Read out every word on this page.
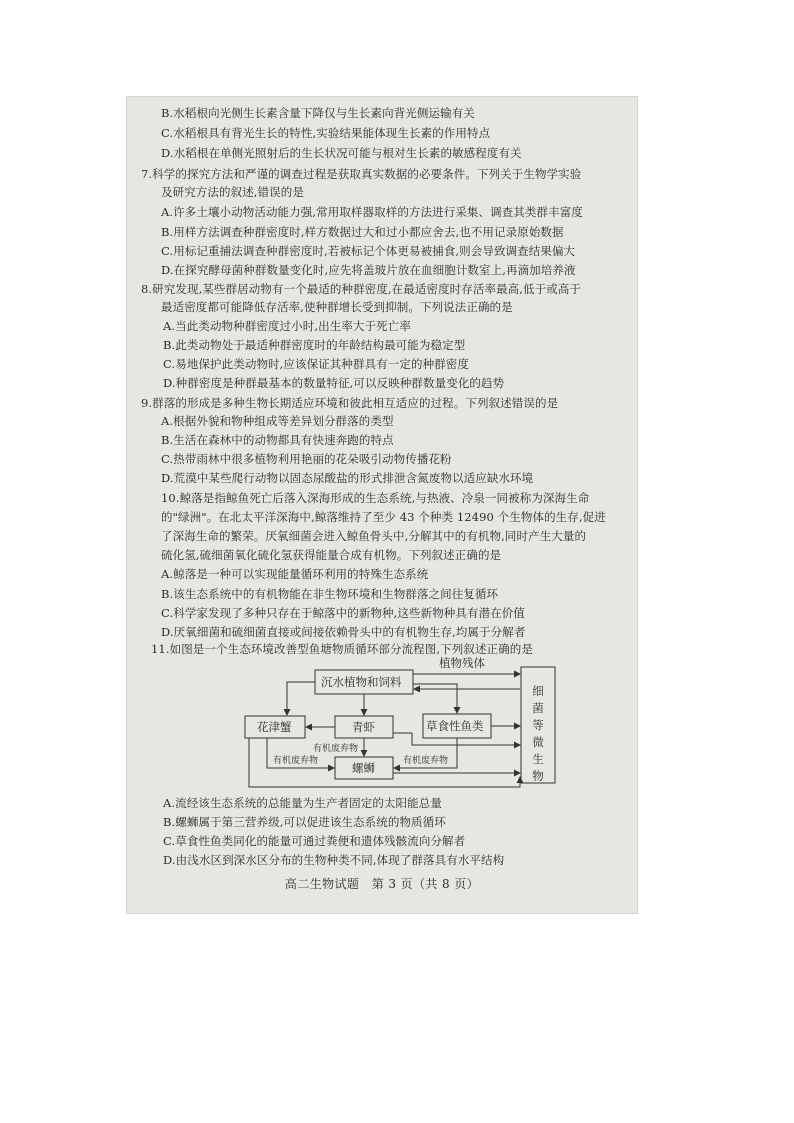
B.水稻根向光侧生长素含量下降仅与生长素向背光侧运输有关
C.水稻根具有背光生长的特性,实验结果能体现生长素的作用特点
D.水稻根在单侧光照射后的生长状况可能与根对生长素的敏感程度有关
7.科学的探究方法和严谨的调查过程是获取真实数据的必要条件。下列关于生物学实验
及研究方法的叙述,错误的是
A.许多土壤小动物活动能力强,常用取样器取样的方法进行采集、调查其类群丰富度
B.用样方法调查种群密度时,样方数据过大和过小都应舍去,也不用记录原始数据
C.用标记重捕法调查种群密度时,若被标记个体更易被捕食,则会导致调查结果偏大
D.在探究酵母菌种群数量变化时,应先将盖玻片放在血细胞计数室上,再滴加培养液
8.研究发现,某些群居动物有一个最适的种群密度,在最适密度时存活率最高,低于或高于
最适密度都可能降低存活率,使种群增长受到抑制。下列说法正确的是
A.当此类动物种群密度过小时,出生率大于死亡率
B.此类动物处于最适种群密度时的年龄结构最可能为稳定型
C.易地保护此类动物时,应该保证其种群具有一定的种群密度
D.种群密度是种群最基本的数量特征,可以反映种群数量变化的趋势
9.群落的形成是多种生物长期适应环境和彼此相互适应的过程。下列叙述错误的是
A.根据外貌和物种组成等差异划分群落的类型
B.生活在森林中的动物都具有快速奔跑的特点
C.热带雨林中很多植物利用艳丽的花朵吸引动物传播花粉
D.荒漠中某些爬行动物以固态尿酸盐的形式排泄含氮废物以适应缺水环境
10.鲸落是指鲸鱼死亡后落入深海形成的生态系统,与热液、冷泉一同被称为深海生命
的"绿洲"。在北太平洋深海中,鲸落维持了至少 43 个种类 12490 个生物体的生存,促进
了深海生命的繁荣。厌氧细菌会进入鲸鱼骨头中,分解其中的有机物,同时产生大量的
硫化氢,硫细菌氧化硫化氢获得能量合成有机物。下列叙述正确的是
A.鲸落是一种可以实现能量循环利用的特殊生态系统
B.该生态系统中的有机物能在非生物环境和生物群落之间往复循环
C.科学家发现了多种只存在于鲸落中的新物种,这些新物种具有潜在价值
D.厌氧细菌和硫细菌直接或间接依赖骨头中的有机物生存,均属于分解者
11.如图是一个生态环境改善型鱼塘物质循环部分流程图,下列叙述正确的是
植物残体
沉水植物和饲料
花津蟹	青虾	草食性鱼类
螺蛳
有机废弃物
有机废弃物	有机废弃物
细菌等微生物
A.流经该生态系统的总能量为生产者固定的太阳能总量
B.螺蛳属于第三营养级,可以促进该生态系统的物质循环
C.草食性鱼类同化的能量可通过粪便和遗体残骸流向分解者
D.由浅水区到深水区分布的生物种类不同,体现了群落具有水平结构
高二生物试题　第 3 页（共 8 页）
